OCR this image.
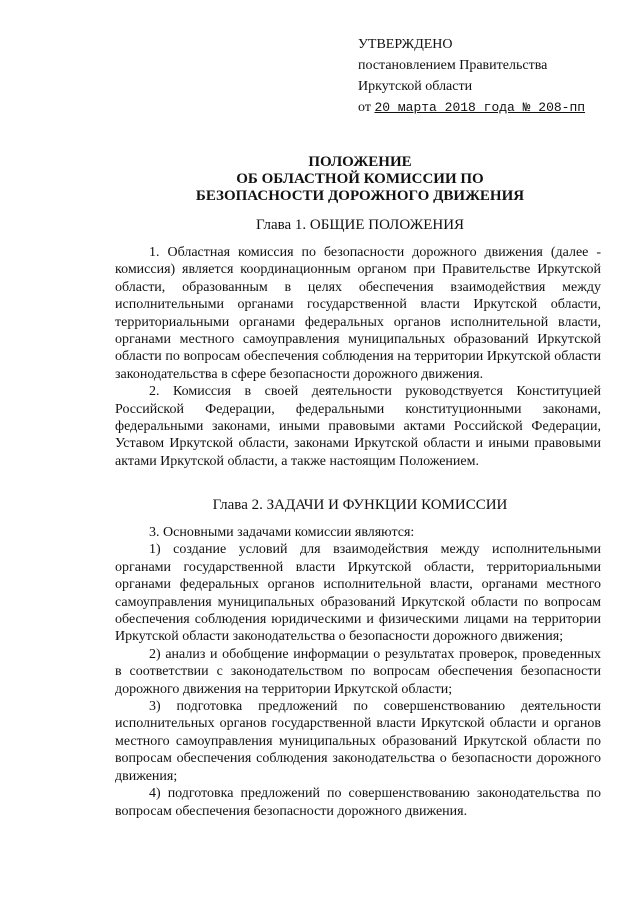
УТВЕРЖДЕНО
постановлением Правительства
Иркутской области
от 20 марта 2018 года № 208-пп
ПОЛОЖЕНИЕ
ОБ ОБЛАСТНОЙ КОМИССИИ ПО
БЕЗОПАСНОСТИ ДОРОЖНОГО ДВИЖЕНИЯ
Глава 1. ОБЩИЕ ПОЛОЖЕНИЯ

1. Областная комиссия по безопасности дорожного движения (далее - комиссия) является координационным органом при Правительстве Иркутской области, образованным в целях обеспечения взаимодействия между исполнительными органами государственной власти Иркутской области, территориальными органами федеральных органов исполнительной власти, органами местного самоуправления муниципальных образований Иркутской области по вопросам обеспечения соблюдения на территории Иркутской области законодательства в сфере безопасности дорожного движения.

2. Комиссия в своей деятельности руководствуется Конституцией Российской Федерации, федеральными конституционными законами, федеральными законами, иными правовыми актами Российской Федерации, Уставом Иркутской области, законами Иркутской области и иными правовыми актами Иркутской области, а также настоящим Положением.

Глава 2. ЗАДАЧИ И ФУНКЦИИ КОМИССИИ

3. Основными задачами комиссии являются:

1) создание условий для взаимодействия между исполнительными органами государственной власти Иркутской области, территориальными органами федеральных органов исполнительной власти, органами местного самоуправления муниципальных образований Иркутской области по вопросам обеспечения соблюдения юридическими и физическими лицами на территории Иркутской области законодательства о безопасности дорожного движения;

2) анализ и обобщение информации о результатах проверок, проведенных в соответствии с законодательством по вопросам обеспечения безопасности дорожного движения на территории Иркутской области;

3) подготовка предложений по совершенствованию деятельности исполнительных органов государственной власти Иркутской области и органов местного самоуправления муниципальных образований Иркутской области по вопросам обеспечения соблюдения законодательства о безопасности дорожного движения;

4) подготовка предложений по совершенствованию законодательства по вопросам обеспечения безопасности дорожного движения.
